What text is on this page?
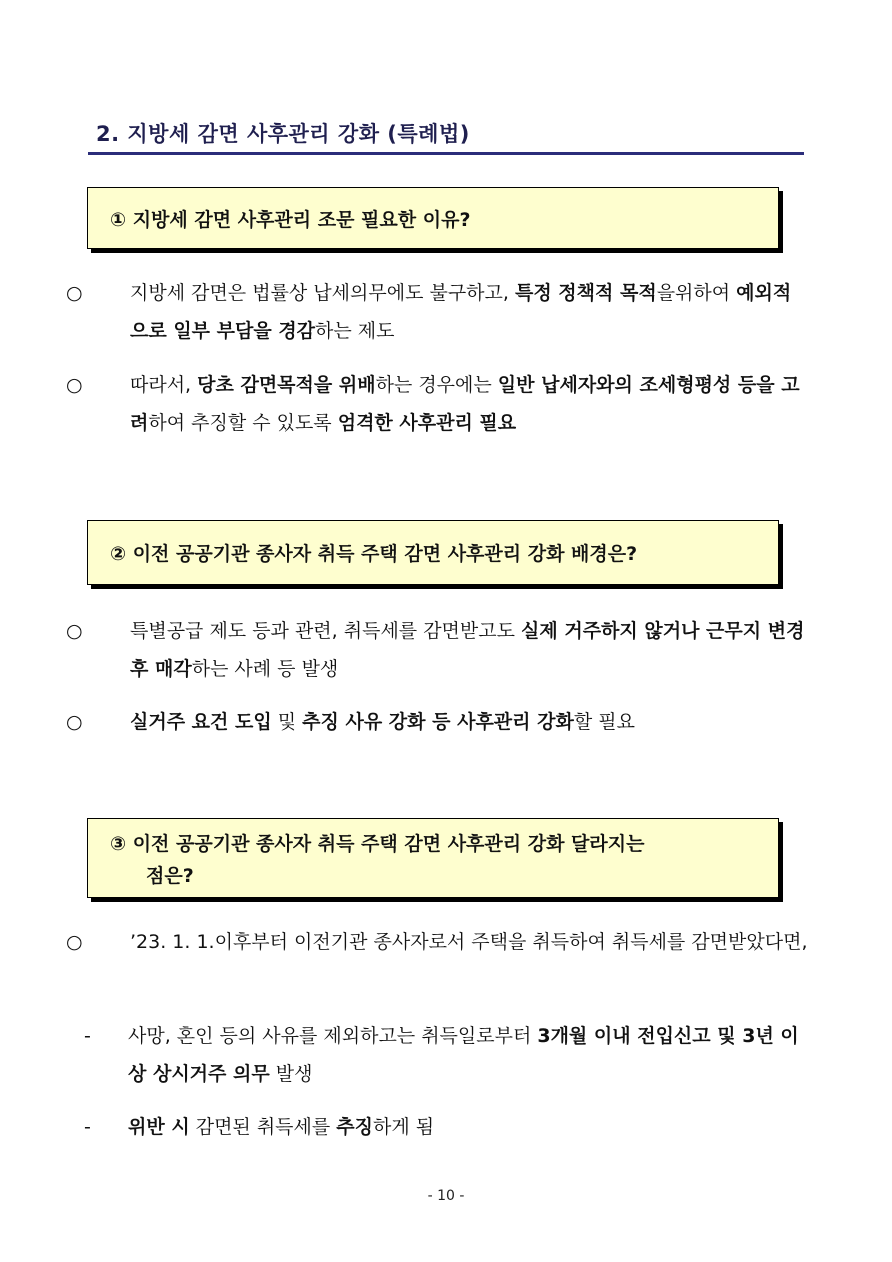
2. 지방세 감면 사후관리 강화 (특례법)
① 지방세 감면 사후관리 조문 필요한 이유?
○ 지방세 감면은 법률상 납세의무에도 불구하고, 특정 정책적 목적을위하여 예외적으로 일부 부담을 경감하는 제도
○ 따라서, 당초 감면목적을 위배하는 경우에는 일반 납세자와의 조세형평성 등을 고려하여 추징할 수 있도록 엄격한 사후관리 필요
② 이전 공공기관 종사자 취득 주택 감면 사후관리 강화 배경은?
○ 특별공급 제도 등과 관련, 취득세를 감면받고도 실제 거주하지 않거나 근무지 변경 후 매각하는 사례 등 발생
○ 실거주 요건 도입 및 추징 사유 강화 등 사후관리 강화할 필요
③ 이전 공공기관 종사자 취득 주택 감면 사후관리 강화 달라지는
점은?
○ ’23. 1. 1.이후부터 이전기관 종사자로서 주택을 취득하여 취득세를 감면받았다면,
- 사망, 혼인 등의 사유를 제외하고는 취득일로부터 3개월 이내 전입신고 및 3년 이상 상시거주 의무 발생
- 위반 시 감면된 취득세를 추징하게 됨
- 10 -
